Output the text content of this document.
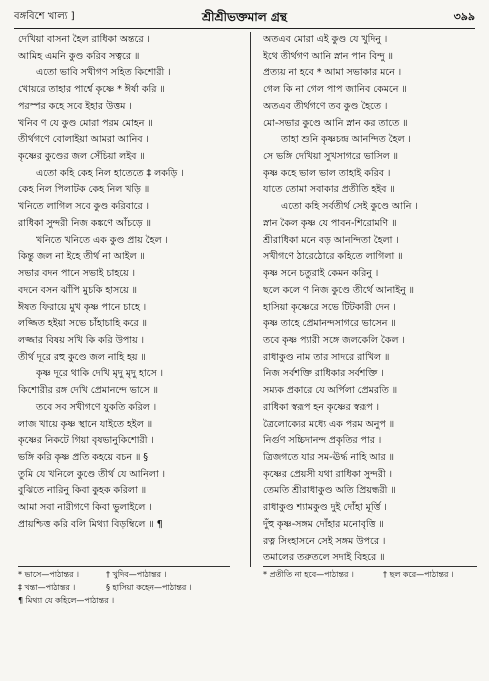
বঙ্গবিশে খাল্য ]	শ্রীশ্রীভক্তমাল গ্রন্থ	৩৯৯
দেখিয়া বাসনা হৈল রাধিকা অন্তরে ।
আমিহ এমনি কুণ্ড করিব সত্বরে ॥
এতো ভাবি সখীগণ সহিত কিশোরী ।
খোয়রে তাহার পার্শ্বে কৃষ্ণে * ঈর্ষা করি ॥
পরস্পর কহে সবে ইহার উত্তম ।
খনিব ণ যে কুণ্ড মোরা পরম মোহন ॥
তীর্থগণে বোলাইয়া আমরা আনিব ।
কৃষ্ণের কুণ্ডের জল সেঁচিয়া লইব ॥
এতো কহি কেহ নিল হাতেতে ‡ লকড়ি ।
কেহ নিল পিলাটক কেহ নিল খড়ি ॥
খনিতে লাগিল সবে কুণ্ড করিবারে ।
রাধিকা সুন্দরী নিজ কঙ্কণে আঁচড়ে ॥
খনিতে খনিতে এক কুণ্ড প্রায় হৈল ।
কিন্তু জল না ইহে তীর্থ না আইল ॥
সভার বদন পানে সভাই চাহয়ে ।
বদনে বসন ঝাঁপি মুচকি হাসয়ে ॥
ঈষত ফিরায়ে মুখ কৃষ্ণ পানে চাহে ।
লজ্জিত হইয়া সভে চাঁহাচাহি করে ॥
লজ্জার বিষয় সখি কি করি উপায় ।
তীর্থ দূরে রহু কুণ্ডে জল নাহি হয় ॥
কৃষ্ণ দূরে থাকি দেখি মৃদু মৃদু হাসে ।
কিশোরীর রঙ্গ দেখি প্রেমানন্দে ভাসে ॥
তবে সব সখীগণে যুকতি করিল ।
লাজ খায়ে কৃষ্ণ স্থানে যাইতে হইল ॥
কৃষ্ণের নিকটে গিয়া বৃষভানুকিশোরী ।
ভঙ্গি করি কৃষ্ণ প্রতি কহয়ে বচন ॥ §
তুমি যে খনিলে কুণ্ডে তীর্থ যে আনিলা ।
বুঝিতে নারিনু কিবা কুহক করিলা ॥
আমা সবা নারীগণে কিবা ভুলাইলে ।
প্রায়শ্চিত্ত করি বলি মিথ্যা বিড়ম্বিলে ॥ ¶
অতএব মোরা এই কুণ্ড যে খুদিনু ।
ইথে তীর্থগণ আনি স্নান পান বিন্দু ॥
প্রত্যয় না হবে * আমা সভাকার মনে ।
গেল কি না গেল পাপ জানিব কেমনে ॥
অতএব তীর্থগণে তব কুণ্ড হৈতে ।
মো-সভার কুণ্ডে আনি স্নান কর তাতে ॥
তাহা শুনি কৃষ্ণচন্দ্র আনন্দিত হৈল ।
সে ভঙ্গি দেখিয়া সুখসাগরে ভাসিল ॥
কৃষ্ণ কহে ভাল ভাল তাহাই করিব ।
যাতে তোমা সবাকার প্রতীতি হইব ॥
এতো কহি সর্বতীর্থ সেই কুণ্ডে আনি ।
স্নান কৈল কৃষ্ণ যে পাবন-শিরোমণি ॥
শ্রীরাধিকা মনে বড় আনন্দিতা হৈলা ।
সখীগণে ঠারেঠোরে কহিতে লাগিলা ॥
কৃষ্ণ সনে চতুরাই কেমন করিনু ।
ছলে কলে ণ নিজ কুণ্ডে তীর্থে আনাইনু ॥
হাসিয়া কৃষ্ণেরে সভে টিটকারী দেন ।
কৃষ্ণ তাহে প্রেমানন্দসাগরে ভাসেন ॥
তবে কৃষ্ণ প্যারী সঙ্গে জলকেলি কৈল ।
রাধাকুণ্ড নাম তার সাদরে রাখিল ॥
নিজ সর্বশক্তি রাধিকার সর্বশক্তি ।
সম্যক প্রকারে যে অর্পিলা প্রেমরতি ॥
রাধিকা স্বরূপ হন কৃষ্ণের স্বরূপ ।
ত্রৈলোক্যের মধ্যে এক পরম অনুপ ॥
নির্গুণ সচ্চিদানন্দ প্রকৃতির পার ।
ত্রিজগতে যার সম-ঊর্দ্ধ নাহি আর ॥
কৃষ্ণের প্রেয়সী যথা রাধিকা সুন্দরী ।
তেমতি শ্রীরাধাকুণ্ড অতি প্রিয়ন্ধরী ॥
রাধাকুণ্ড শ্যামকুণ্ড দুই দোঁহা মূর্ত্তি ।
দুঁহু কৃষ্ণ-সঙ্গম দোঁহার মনোবৃত্তি ॥
রত্ন সিংহাসনে সেই সঙ্গম উপরে ।
তমালের তরুতলে সদাই বিহরে ॥
* ভাসে—পাঠান্তর ।	† খুদিব—পাঠান্তর ।
‡ খন্তা—পাঠান্তর ।	§ হাসিয়া কহেন—পাঠান্তর ।
¶ মিথ্যা যে কহিলে—পাঠান্তর ।
* প্রতীতি না হবে—পাঠান্তর ।	† ছল করে—পাঠান্তর ।
